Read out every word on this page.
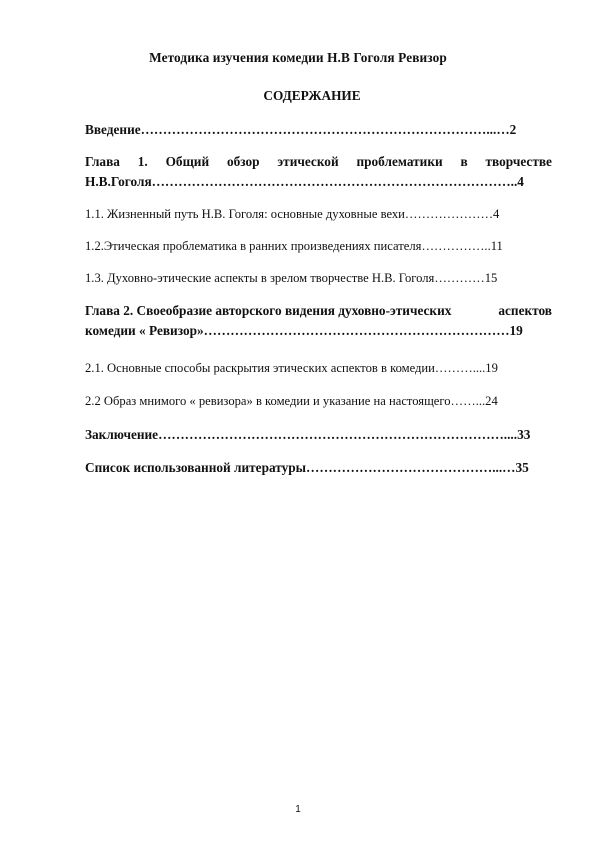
Методика изучения комедии Н.В Гоголя Ревизор
СОДЕРЖАНИЕ
Введение……………………………………………………………………...…2
Глава 1. Общий обзор этической проблематики в творчестве
Н.В.Гоголя………………………………………………………………………..4
1.1. Жизненный путь Н.В. Гоголя: основные духовные вехи…………………4
1.2.Этическая проблематика в ранних произведениях писателя……………..11
1.3. Духовно-этические аспекты в зрелом творчестве Н.В. Гоголя…………15
Глава 2. Своеобразие авторского видения духовно-этических	аспектов
комедии « Ревизор»……………………………………………………………19
2.1. Основные способы раскрытия этических аспектов в комедии………....19
2.2 Образ мнимого « ревизора» в комедии и указание на настоящего……...24
Заключение……………………………………………………………………....33
Список использованной литературы……………………………………...…35
1
